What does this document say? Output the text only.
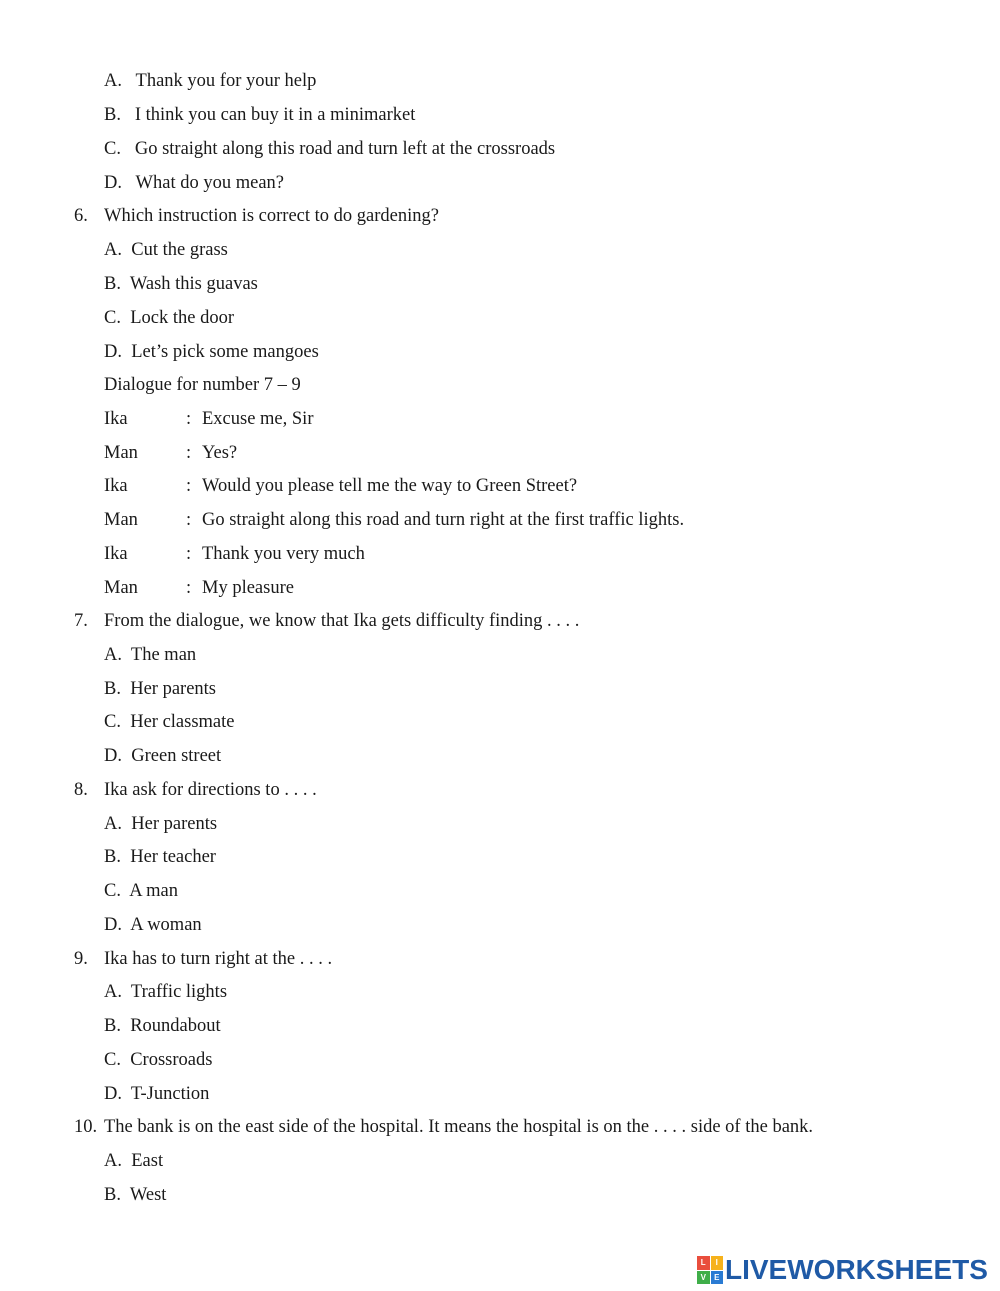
A. Thank you for your help
B. I think you can buy it in a minimarket
C. Go straight along this road and turn left at the crossroads
D. What do you mean?
6. Which instruction is correct to do gardening?
A. Cut the grass
B. Wash this guavas
C. Lock the door
D. Let’s pick some mangoes
Dialogue for number 7 – 9
Ika	: Excuse me, Sir
Man	: Yes?
Ika	: Would you please tell me the way to Green Street?
Man	: Go straight along this road and turn right at the first traffic lights.
Ika	: Thank you very much
Man	: My pleasure
7. From the dialogue, we know that Ika gets difficulty finding . . . .
A. The man
B. Her parents
C. Her classmate
D. Green street
8. Ika ask for directions to . . . .
A. Her parents
B. Her teacher
C. A man
D. A woman
9. Ika has to turn right at the . . . .
A. Traffic lights
B. Roundabout
C. Crossroads
D. T-Junction
10. The bank is on the east side of the hospital. It means the hospital is on the . . . . side of the bank.
A. East
B. West
L	I
V	E LIVEWORKSHEETS
